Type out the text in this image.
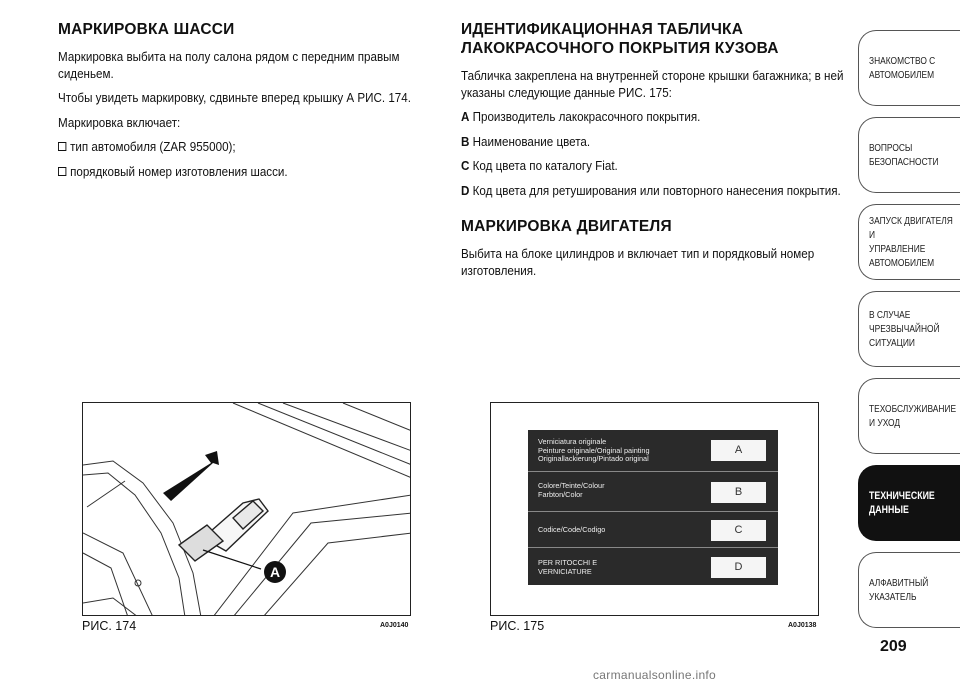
МАРКИРОВКА ШАССИ

Маркировка выбита на полу салона рядом с передним правым сиденьем.

Чтобы увидеть маркировку, сдвиньте вперед крышку А РИС. 174.

Маркировка включает:

тип автомобиля (ZAR 955000);

порядковый номер изготовления шасси.

ИДЕНТИФИКАЦИОННАЯ ТАБЛИЧКА ЛАКОКРАСОЧНОГО ПОКРЫТИЯ КУЗОВА

Табличка закреплена на внутренней стороне крышки багажника; в ней указаны следующие данные РИС. 175:

A Производитель лакокрасочного покрытия.

B Наименование цвета.

C Код цвета по каталогу Fiat.

D Код цвета для ретуширования или повторного нанесения покрытия.

МАРКИРОВКА ДВИГАТЕЛЯ

Выбита на блоке цилиндров и включает тип и порядковый номер изготовления.

A
РИС. 174	A0J0140
Verniciatura originale
Peinture originale/Original painting
Originallackierung/Pintado original
A
Colore/Teinte/Colour
Farbton/Color	B
Codice/Code/Codigo	C
PER RITOCCHI E
VERNICIATURE	D
РИС. 175	A0J0138
ЗНАКОМСТВО С
АВТОМОБИЛЕМ
ВОПРОСЫ
БЕЗОПАСНОСТИ
ЗАПУСК ДВИГАТЕЛЯ И
УПРАВЛЕНИЕ
АВТОМОБИЛЕМ
В СЛУЧАЕ
ЧРЕЗВЫЧАЙНОЙ
СИТУАЦИИ
ТЕХОБСЛУЖИВАНИЕ
И УХОД
ТЕХНИЧЕСКИЕ
ДАННЫЕ
АЛФАВИТНЫЙ
УКАЗАТЕЛЬ
209
carmanualsonline.info
